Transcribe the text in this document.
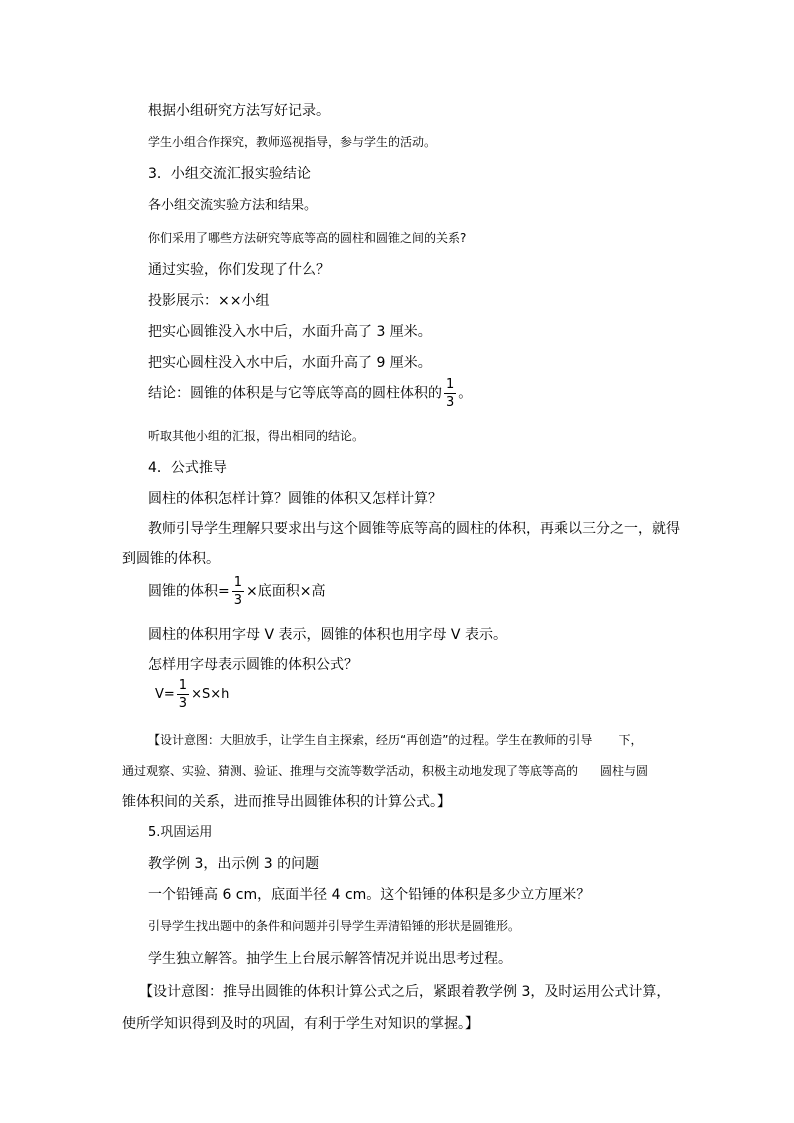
根据小组研究方法写好记录。
学生小组合作探究，教师巡视指导，参与学生的活动。
3．小组交流汇报实验结论
各小组交流实验方法和结果。
你们采用了哪些方法研究等底等高的圆柱和圆锥之间的关系?
通过实验，你们发现了什么？
投影展示：××小组
把实心圆锥没入水中后，水面升高了 3 厘米。
把实心圆柱没入水中后，水面升高了 9 厘米。
结论：圆锥的体积是与它等底等高的圆柱体积的 $\frac{1}{3}$ 。
听取其他小组的汇报，得出相同的结论。
4．公式推导
圆柱的体积怎样计算？圆锥的体积又怎样计算？
教师引导学生理解只要求出与这个圆锥等底等高的圆柱的体积，再乘以三分之一，就得
到圆锥的体积。
圆锥的体积= $\frac{1}{3}$ ×底面积×高
圆柱的体积用字母 V 表示，圆锥的体积也用字母 V 表示。
怎样用字母表示圆锥的体积公式？
$V= \frac{1}{3} \times S\times h$
【设计意图：大胆放手，让学生自主探索，经历“再创造”的过程。学生在教师的引导 下，
通过观察、实验、猜测、验证、推理与交流等数学活动，积极主动地发现了等底等高的 圆柱与圆
锥体积间的关系，进而推导出圆锥体积的计算公式。】
5.巩固运用
教学例 3，出示例 3 的问题
一个铅锤高 6 cm，底面半径 4 cm。这个铅锤的体积是多少立方厘米？
引导学生找出题中的条件和问题并引导学生弄清铅锤的形状是圆锥形。
学生独立解答。抽学生上台展示解答情况并说出思考过程。
【设计意图：推导出圆锥的体积计算公式之后，紧跟着教学例 3，及时运用公式计算，
使所学知识得到及时的巩固，有利于学生对知识的掌握。】
